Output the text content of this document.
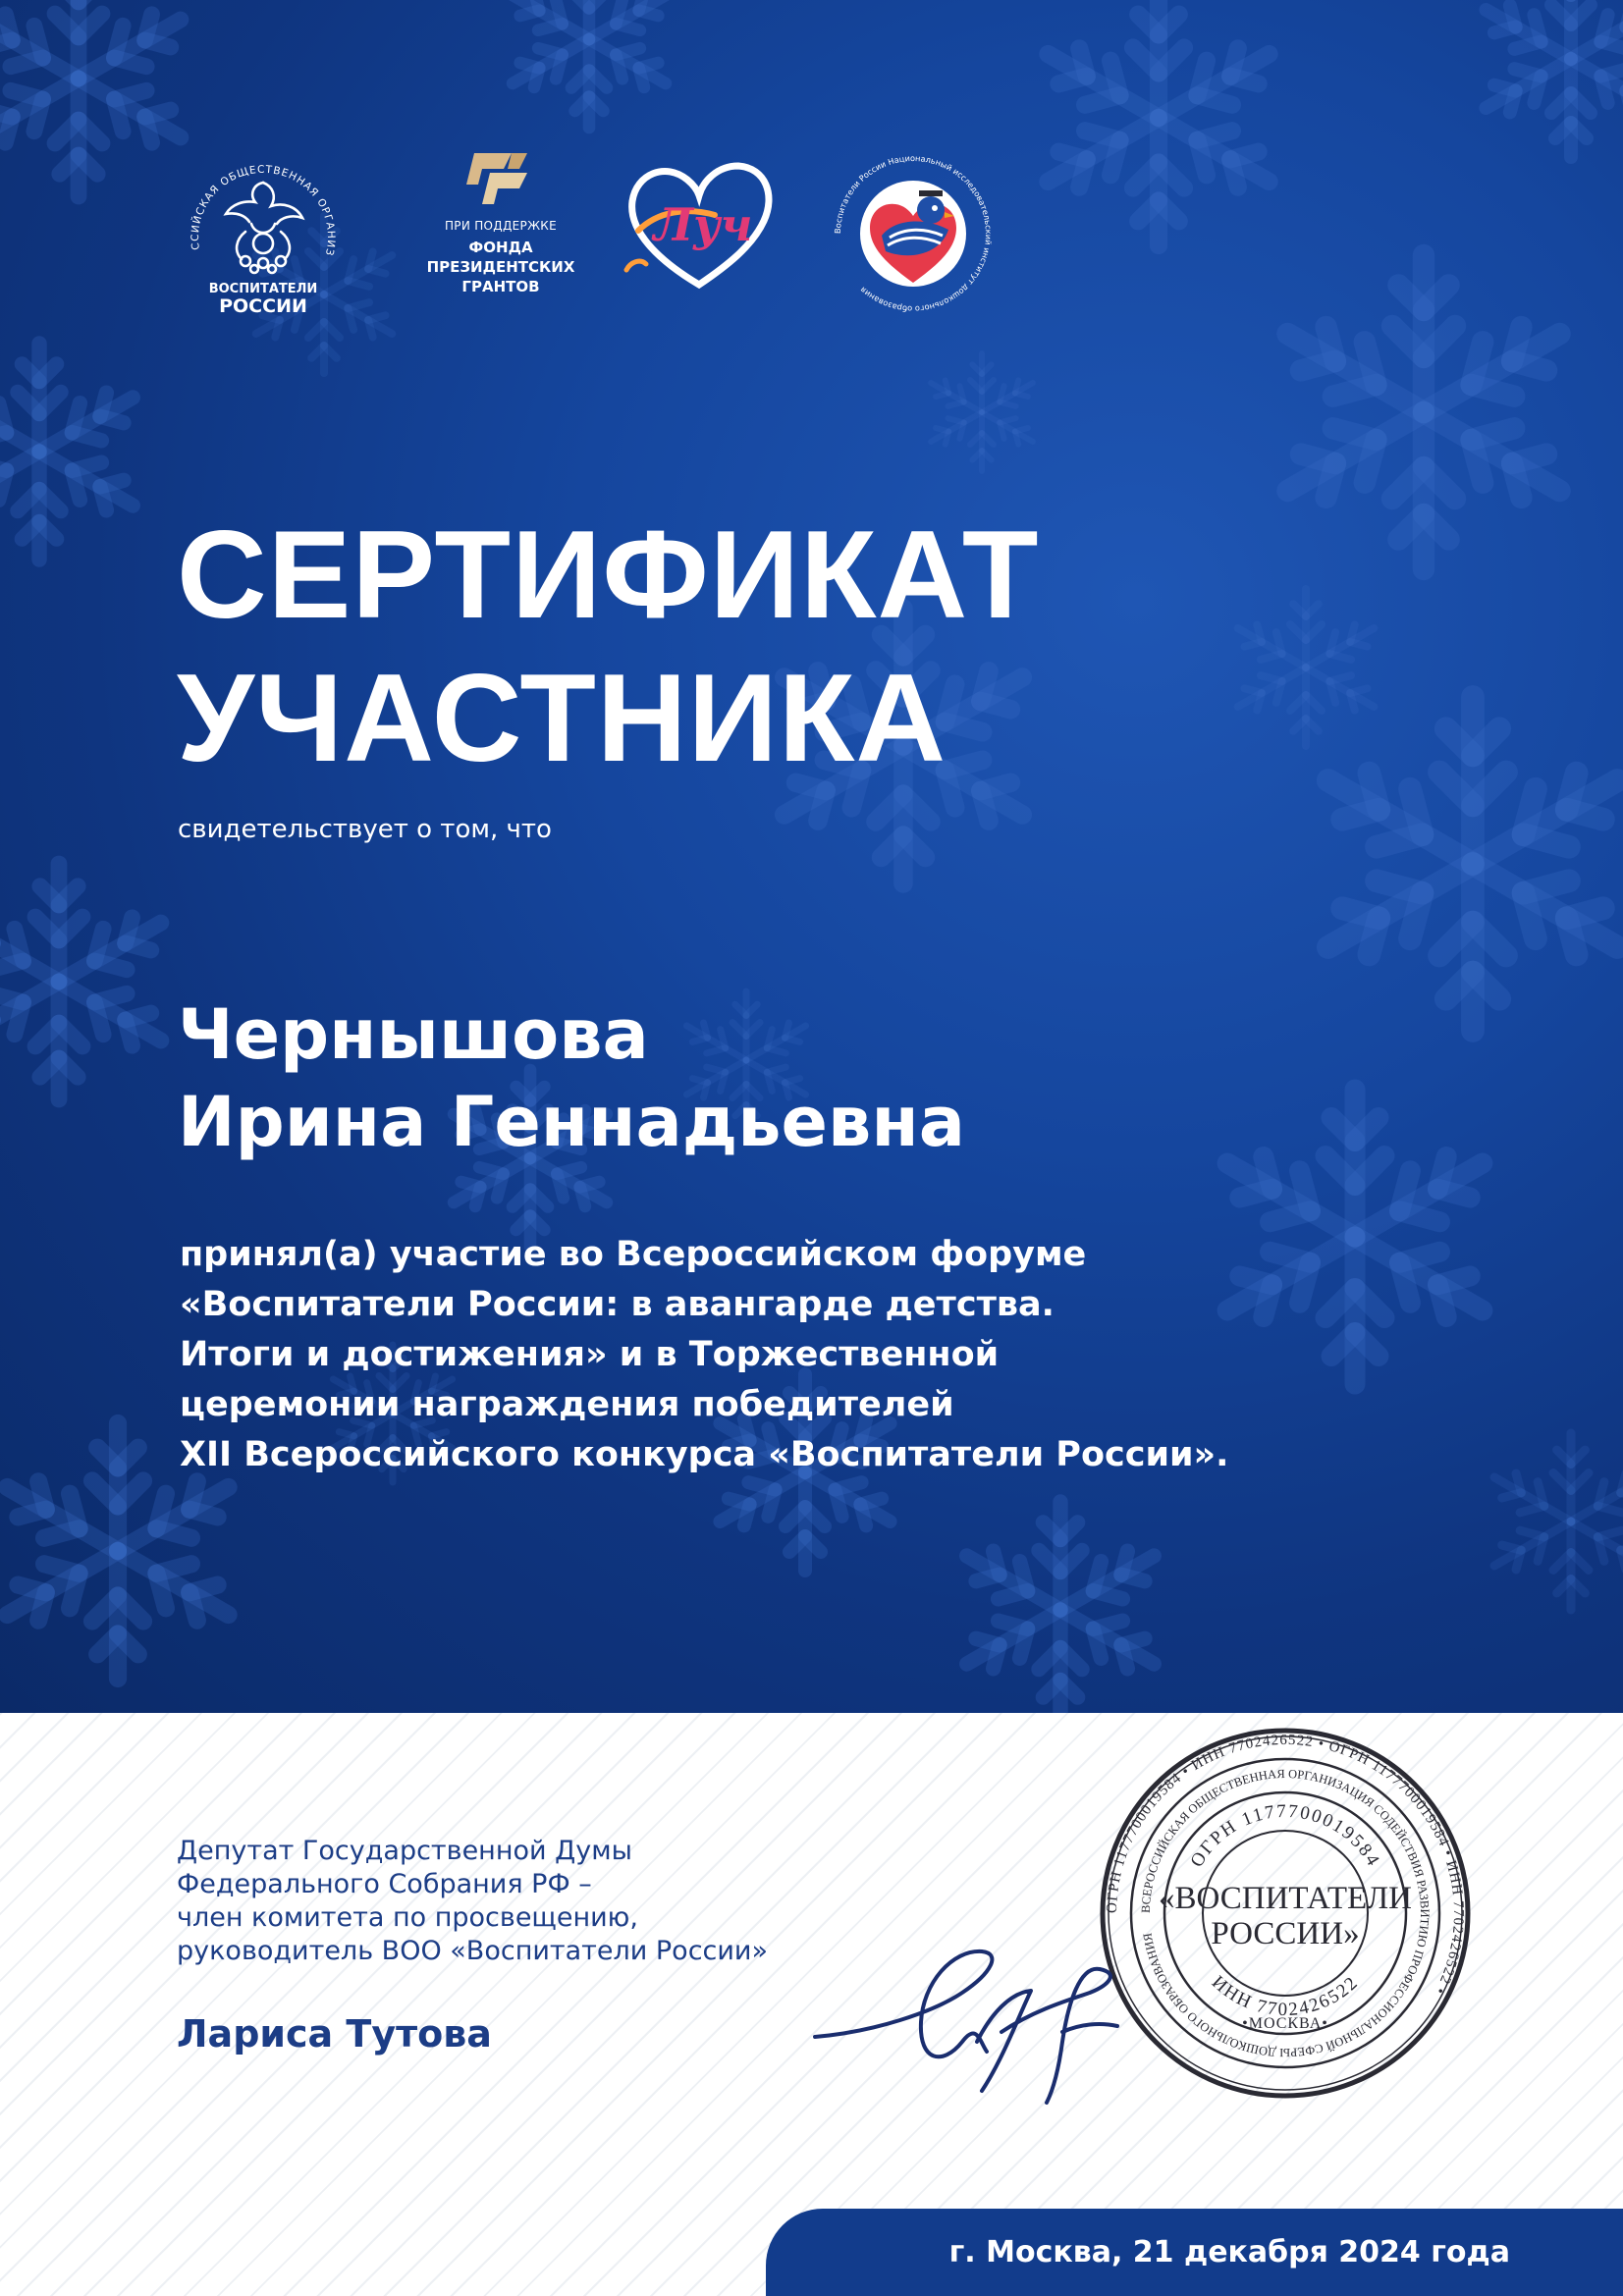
ССИЙСКАЯ ОБЩЕСТВЕННАЯ ОРГАНИЗ
ВОСПИТАТЕЛИ
РОССИИ
ПРИ ПОДДЕРЖКЕ
ФОНДА
ПРЕЗИДЕНТСКИХ
ГРАНТОВ
Луч	Воспитатели России Национальный исследовательский институт дошкольного образования
СЕРТИФИКАТ
УЧАСТНИКА
свидетельствует о том, что
Чернышова
Ирина Геннадьевна
принял(а) участие во Всероссийском форуме
«Воспитатели России: в авангарде детства.
Итоги и достижения» и в Торжественной
церемонии награждения победителей
XII Всероссийского конкурса «Воспитатели России».
Депутат Государственной Думы
Федерального Собрания РФ –
член комитета по просвещению,
руководитель ВОО «Воспитатели России»
Лариса Тутова
ОГРН 1177700019584 • ИНН 7702426522 • ОГРН 1177700019584 • ИНН 7702426522 •
ВСЕРОССИЙСКАЯ ОБЩЕСТВЕННАЯ ОРГАНИЗАЦИЯ СОДЕЙСТВИЯ РАЗВИТИЮ ПРОФЕССИОНАЛЬНОЙ СФЕРЫ ДОШКОЛЬНОГО ОБРАЗОВАНИЯ
ОГРН 1177700019584
ИНН 7702426522
«ВОСПИТАТЕЛИ
РОССИИ»
•МОСКВА•
г. Москва, 21 декабря 2024 года
